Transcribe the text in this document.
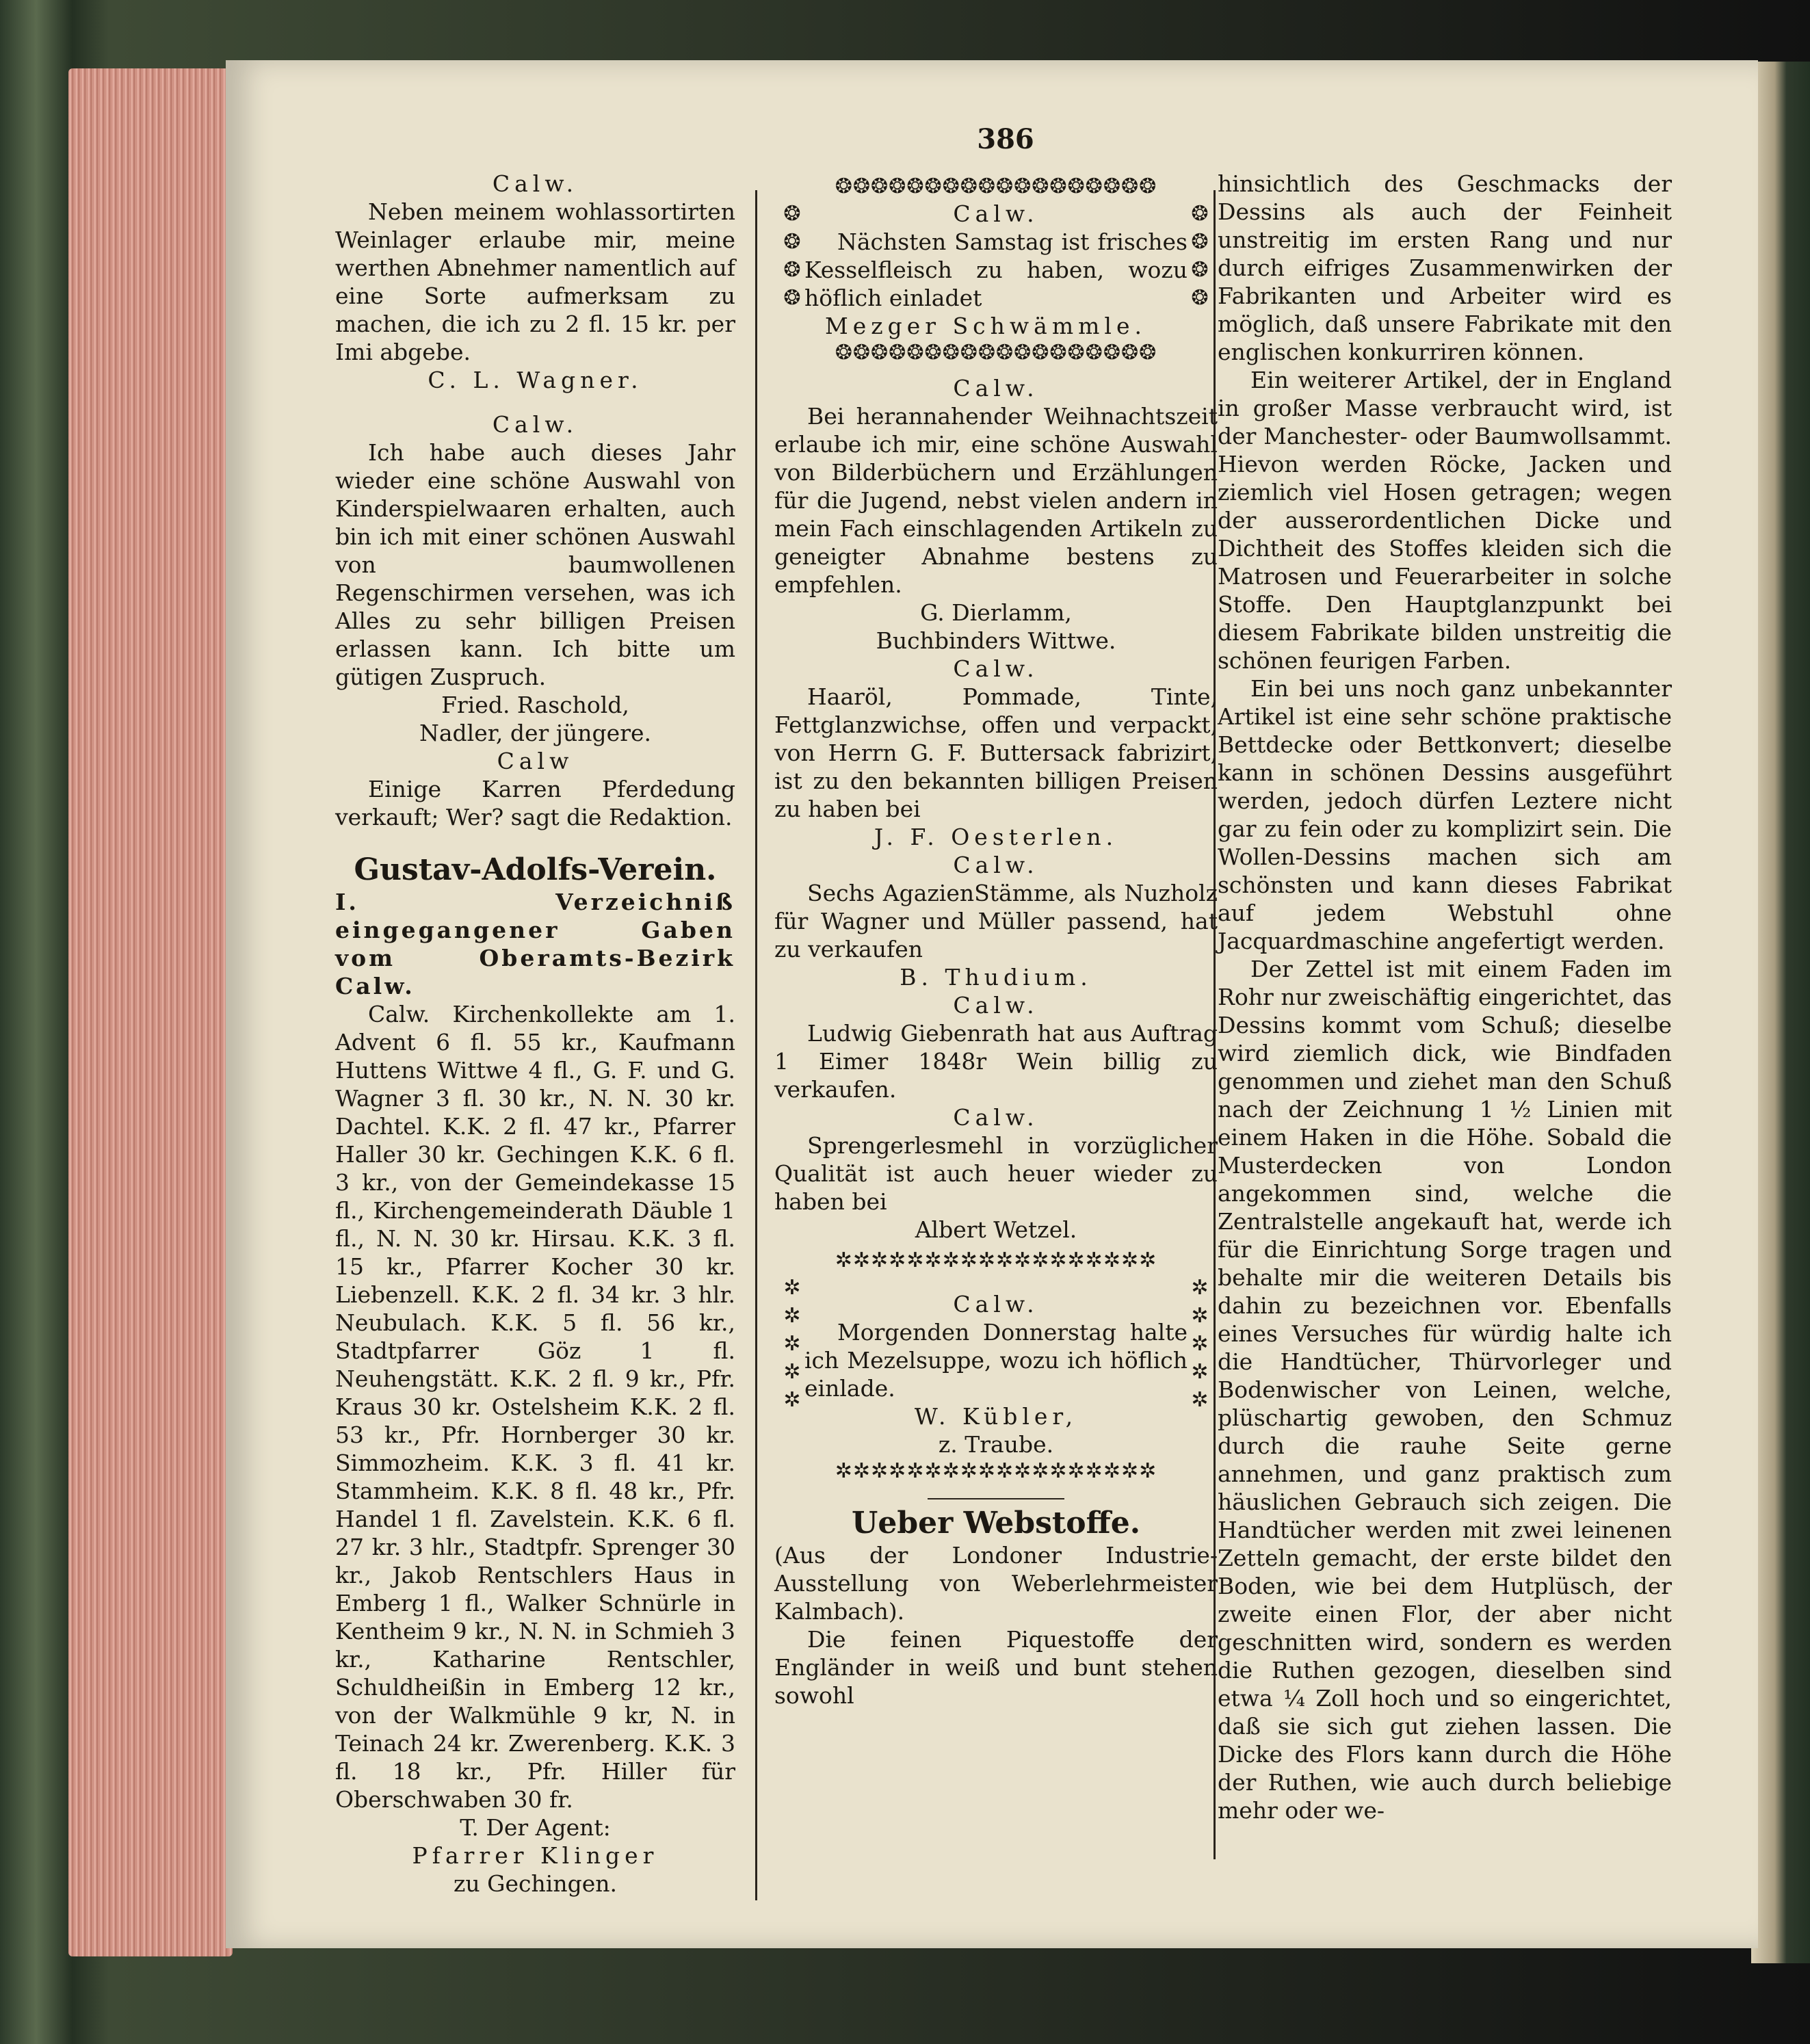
386

Calw.

Neben meinem wohlassortirten Weinlager erlaube mir, meine werthen Abnehmer namentlich auf eine Sorte aufmerksam zu machen, die ich zu 2 fl. 15 kr. per Imi abgebe.

C. L. Wagner.

Calw.

Ich habe auch dieses Jahr wieder eine schöne Auswahl von Kinderspielwaaren erhalten, auch bin ich mit einer schönen Auswahl von baumwollenen Regenschirmen versehen, was ich Alles zu sehr billigen Preisen erlassen kann. Ich bitte um gütigen Zuspruch.

Fried. Raschold,

Nadler, der jüngere.

Calw

Einige Karren Pferdedung verkauft; Wer? sagt die Redaktion.

Gustav-Adolfs-Verein.

I. Verzeichniß eingegangener Gaben vom Oberamts-Bezirk Calw.

Calw. Kirchenkollekte am 1. Advent 6 fl. 55 kr., Kaufmann Huttens Wittwe 4 fl., G. F. und G. Wagner 3 fl. 30 kr., N. N. 30 kr. Dachtel. K.K. 2 fl. 47 kr., Pfarrer Haller 30 kr. Gechingen K.K. 6 fl. 3 kr., von der Gemeindekasse 15 fl., Kirchengemeinderath Däuble 1 fl., N. N. 30 kr. Hirsau. K.K. 3 fl. 15 kr., Pfarrer Kocher 30 kr. Liebenzell. K.K. 2 fl. 34 kr. 3 hlr. Neubulach. K.K. 5 fl. 56 kr., Stadtpfarrer Göz 1 fl. Neuhengstätt. K.K. 2 fl. 9 kr., Pfr. Kraus 30 kr. Ostelsheim K.K. 2 fl. 53 kr., Pfr. Hornberger 30 kr. Simmozheim. K.K. 3 fl. 41 kr. Stammheim. K.K. 8 fl. 48 kr., Pfr. Handel 1 fl. Zavelstein. K.K. 6 fl. 27 kr. 3 hlr., Stadtpfr. Sprenger 30 kr., Jakob Rentschlers Haus in Emberg 1 fl., Walker Schnürle in Kentheim 9 kr., N. N. in Schmieh 3 kr., Katharine Rentschler, Schuldheißin in Emberg 12 kr., von der Walkmühle 9 kr, N. in Teinach 24 kr. Zwerenberg. K.K. 3 fl. 18 kr., Pfr. Hiller für Oberschwaben 30 fr.

T. Der Agent:

Pfarrer Klinger

zu Gechingen.

❂❂❂❂❂❂❂❂❂❂❂❂❂❂❂❂❂❂
❂
❂
❂
❂

Calw.

Nächsten Samstag ist frisches Kesselfleisch zu haben, wozu höflich einladet

Mezger Schwämmle.

❂
❂
❂
❂
❂❂❂❂❂❂❂❂❂❂❂❂❂❂❂❂❂❂

Calw.

Bei herannahender Weihnachtszeit erlaube ich mir, eine schöne Auswahl von Bilderbüchern und Erzählungen für die Jugend, nebst vielen andern in mein Fach einschlagenden Artikeln zu geneigter Abnahme bestens zu empfehlen.

G. Dierlamm,

Buchbinders Wittwe.

Calw.

Haaröl, Pommade, Tinte, Fettglanzwichse, offen und verpackt, von Herrn G. F. Buttersack fabrizirt, ist zu den bekannten billigen Preisen zu haben bei

J. F. Oesterlen.

Calw.

Sechs AgazienStämme, als Nuzholz für Wagner und Müller passend, hat zu verkaufen

B. Thudium.

Calw.

Ludwig Giebenrath hat aus Auftrag 1 Eimer 1848r Wein billig zu verkaufen.

Calw.

Sprengerlesmehl in vorzüglicher Qualität ist auch heuer wieder zu haben bei

Albert Wetzel.

✲✲✲✲✲✲✲✲✲✲✲✲✲✲✲✲✲✲
✲
✲
✲
✲
✲

Calw.

Morgenden Donnerstag halte ich Mezelsuppe, wozu ich höflich einlade.

W. Kübler,

z. Traube.

✲
✲
✲
✲
✲
✲✲✲✲✲✲✲✲✲✲✲✲✲✲✲✲✲✲

Ueber Webstoffe.

(Aus der Londoner Industrie-Ausstellung von Weberlehrmeister Kalmbach).

Die feinen Piquestoffe der Engländer in weiß und bunt stehen sowohl

hinsichtlich des Geschmacks der Dessins als auch der Feinheit unstreitig im ersten Rang und nur durch eifriges Zusammenwirken der Fabrikanten und Arbeiter wird es möglich, daß unsere Fabrikate mit den englischen konkurriren können.

Ein weiterer Artikel, der in England in großer Masse verbraucht wird, ist der Manchester- oder Baumwollsammt. Hievon werden Röcke, Jacken und ziemlich viel Hosen getragen; wegen der ausserordentlichen Dicke und Dichtheit des Stoffes kleiden sich die Matrosen und Feuerarbeiter in solche Stoffe. Den Hauptglanzpunkt bei diesem Fabrikate bilden unstreitig die schönen feurigen Farben.

Ein bei uns noch ganz unbekannter Artikel ist eine sehr schöne praktische Bettdecke oder Bettkonvert; dieselbe kann in schönen Dessins ausgeführt werden, jedoch dürfen Leztere nicht gar zu fein oder zu komplizirt sein. Die Wollen-Dessins machen sich am schönsten und kann dieses Fabrikat auf jedem Webstuhl ohne Jacquardmaschine angefertigt werden.

Der Zettel ist mit einem Faden im Rohr nur zweischäftig eingerichtet, das Dessins kommt vom Schuß; dieselbe wird ziemlich dick, wie Bindfaden genommen und ziehet man den Schuß nach der Zeichnung 1 ½ Linien mit einem Haken in die Höhe. Sobald die Musterdecken von London angekommen sind, welche die Zentralstelle angekauft hat, werde ich für die Einrichtung Sorge tragen und behalte mir die weiteren Details bis dahin zu bezeichnen vor. Ebenfalls eines Versuches für würdig halte ich die Handtücher, Thürvorleger und Bodenwischer von Leinen, welche, plüschartig gewoben, den Schmuz durch die rauhe Seite gerne annehmen, und ganz praktisch zum häuslichen Gebrauch sich zeigen. Die Handtücher werden mit zwei leinenen Zetteln gemacht, der erste bildet den Boden, wie bei dem Hutplüsch, der zweite einen Flor, der aber nicht geschnitten wird, sondern es werden die Ruthen gezogen, dieselben sind etwa ¼ Zoll hoch und so eingerichtet, daß sie sich gut ziehen lassen. Die Dicke des Flors kann durch die Höhe der Ruthen, wie auch durch beliebige mehr oder we-
